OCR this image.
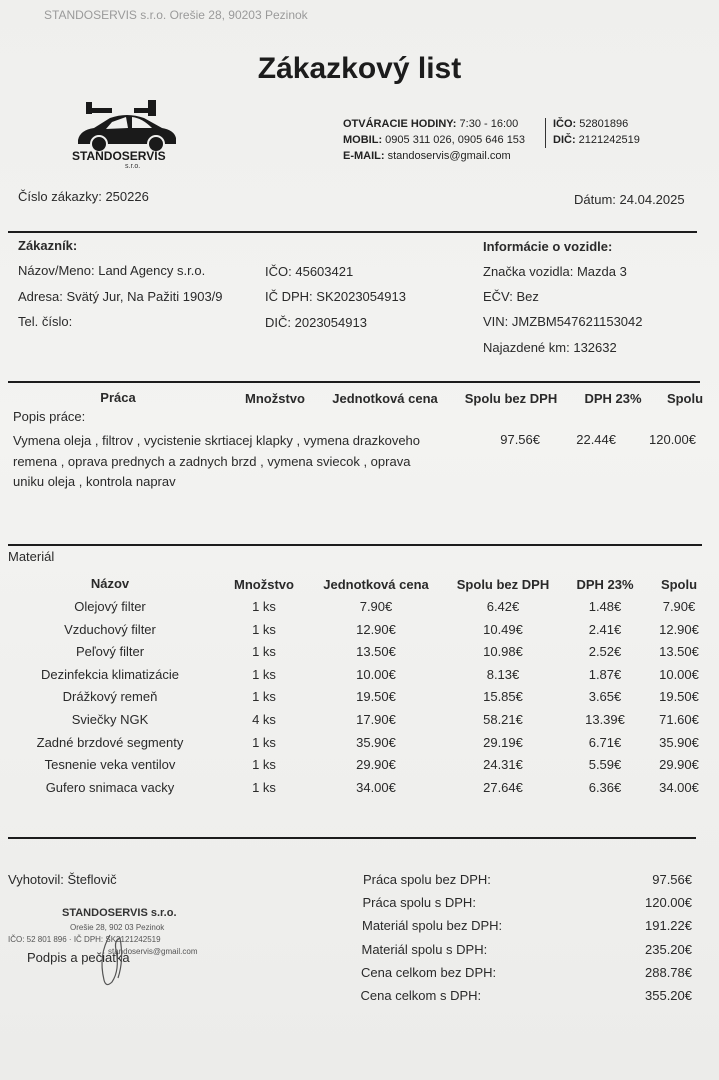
STANDOSERVIS s.r.o. Orešie 28, 90203 Pezinok
Zákazkový list
STANDOSERVIS
s.r.o.
OTVÁRACIE HODINY: 7:30 - 16:00
MOBIL: 0905 311 026, 0905 646 153
E-MAIL: standoservis@gmail.com
IČO: 52801896
DIČ: 2121242519
Číslo zákazky: 250226	Dátum: 24.04.2025
Zákazník:
Názov/Meno: Land Agency s.r.o.
Adresa: Svätý Jur, Na Pažiti 1903/9
Tel. číslo:
IČO: 45603421
IČ DPH: SK2023054913
DIČ: 2023054913
Informácie o vozidle:
Značka vozidla: Mazda 3
EČV: Bez
VIN: JMZBM547621153042
Najazdené km: 132632
Práca	Množstvo	Jednotková cena	Spolu bez DPH	DPH 23%	Spolu
Popis práce:
Vymena oleja , filtrov , vycistenie skrtiacej klapky , vymena drazkoveho
remena , oprava prednych a zadnych brzd , vymena sviecok , oprava
uniku oleja , kontrola naprav
97.56€	22.44€	120.00€
Materiál
Názov	Množstvo	Jednotková cena	Spolu bez DPH	DPH 23%	Spolu
Olejový filter	1 ks	7.90€	6.42€	1.48€	7.90€
Vzduchový filter	1 ks	12.90€	10.49€	2.41€	12.90€
Peľový filter	1 ks	13.50€	10.98€	2.52€	13.50€
Dezinfekcia klimatizácie	1 ks	10.00€	8.13€	1.87€	10.00€
Drážkový remeň	1 ks	19.50€	15.85€	3.65€	19.50€
Sviečky NGK	4 ks	17.90€	58.21€	13.39€	71.60€
Zadné brzdové segmenty	1 ks	35.90€	29.19€	6.71€	35.90€
Tesnenie veka ventilov	1 ks	29.90€	24.31€	5.59€	29.90€
Gufero snimaca vacky	1 ks	34.00€	27.64€	6.36€	34.00€
Vyhotovil: Šteflovič
STANDOSERVIS s.r.o.
Orešie 28, 902 03 Pezinok
IČO: 52 801 896 · IČ DPH: SK2121242519
standoservis@gmail.com
Podpis a pečiatka
Práca spolu bez DPH:	97.56€
Práca spolu s DPH:	120.00€
Materiál spolu bez DPH:	191.22€
Materiál spolu s DPH:	235.20€
Cena celkom bez DPH:	288.78€
Cena celkom s DPH:	355.20€
